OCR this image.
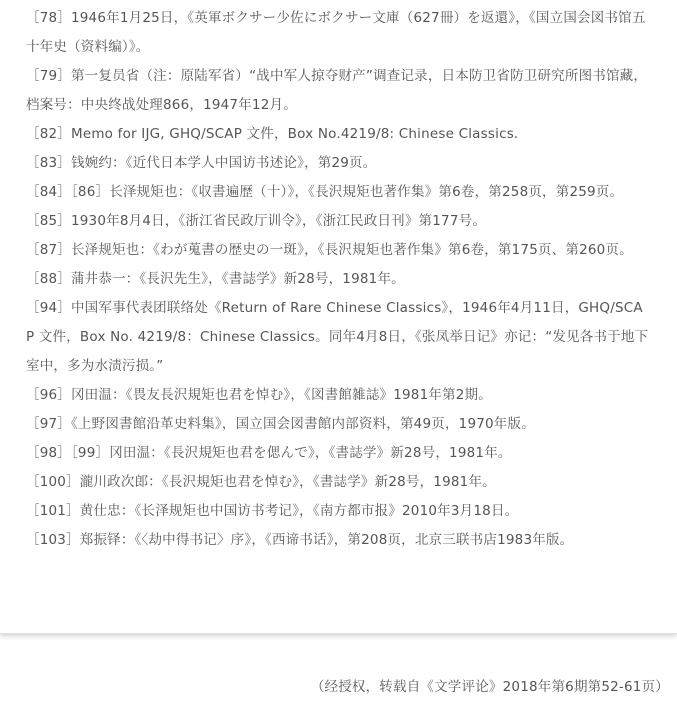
［78］1946年1月25日，《英軍ボクサー少佐にボクサー文庫（627冊）を返還》，《国立国会図书馆五十年史（资料编）》。

［79］第一复员省（注：原陆军省）“战中军人掠夺财产”调查记录，日本防卫省防卫研究所图书馆藏，档案号：中央终战处理866，1947年12月。

［82］Memo for IJG, GHQ/SCAP 文件，Box No.4219/8: Chinese Classics.

［83］钱婉约：《近代日本学人中国访书述论》，第29页。

［84］［86］长泽规矩也：《収書遍歴（十）》，《長沢規矩也著作集》第6卷，第258页，第259页。

［85］1930年8月4日，《浙江省民政厅训令》，《浙江民政日刊》第177号。

［87］长泽规矩也：《わが蒐書の歴史の一斑》，《長沢規矩也著作集》第6卷，第175页、第260页。

［88］蒲井恭一：《長沢先生》，《書誌学》新28号，1981年。

［94］中国军事代表团联络处《Return of Rare Chinese Classics》，1946年4月11日，GHQ/SCAP 文件，Box No. 4219/8：Chinese Classics。同年4月8日，《张凤举日记》亦记：“发见各书于地下室中，多为水渍污损。”

［96］冈田温：《畏友長沢規矩也君を悼む》，《図書館雑誌》1981年第2期。

［97］《上野図書館沿革史料集》，国立国会図書館内部资料，第49页，1970年版。

［98］［99］冈田温：《長沢規矩也君を偲んで》，《書誌学》新28号，1981年。

［100］瀧川政次郎：《長沢規矩也君を悼む》，《書誌学》新28号，1981年。

［101］黄仕忠：《长泽规矩也中国访书考记》，《南方都市报》2010年3月18日。

［103］郑振铎：《〈劫中得书记〉序》，《西谛书话》，第208页，北京三联书店1983年版。

（经授权，转载自《文学评论》2018年第6期第52-61页）
